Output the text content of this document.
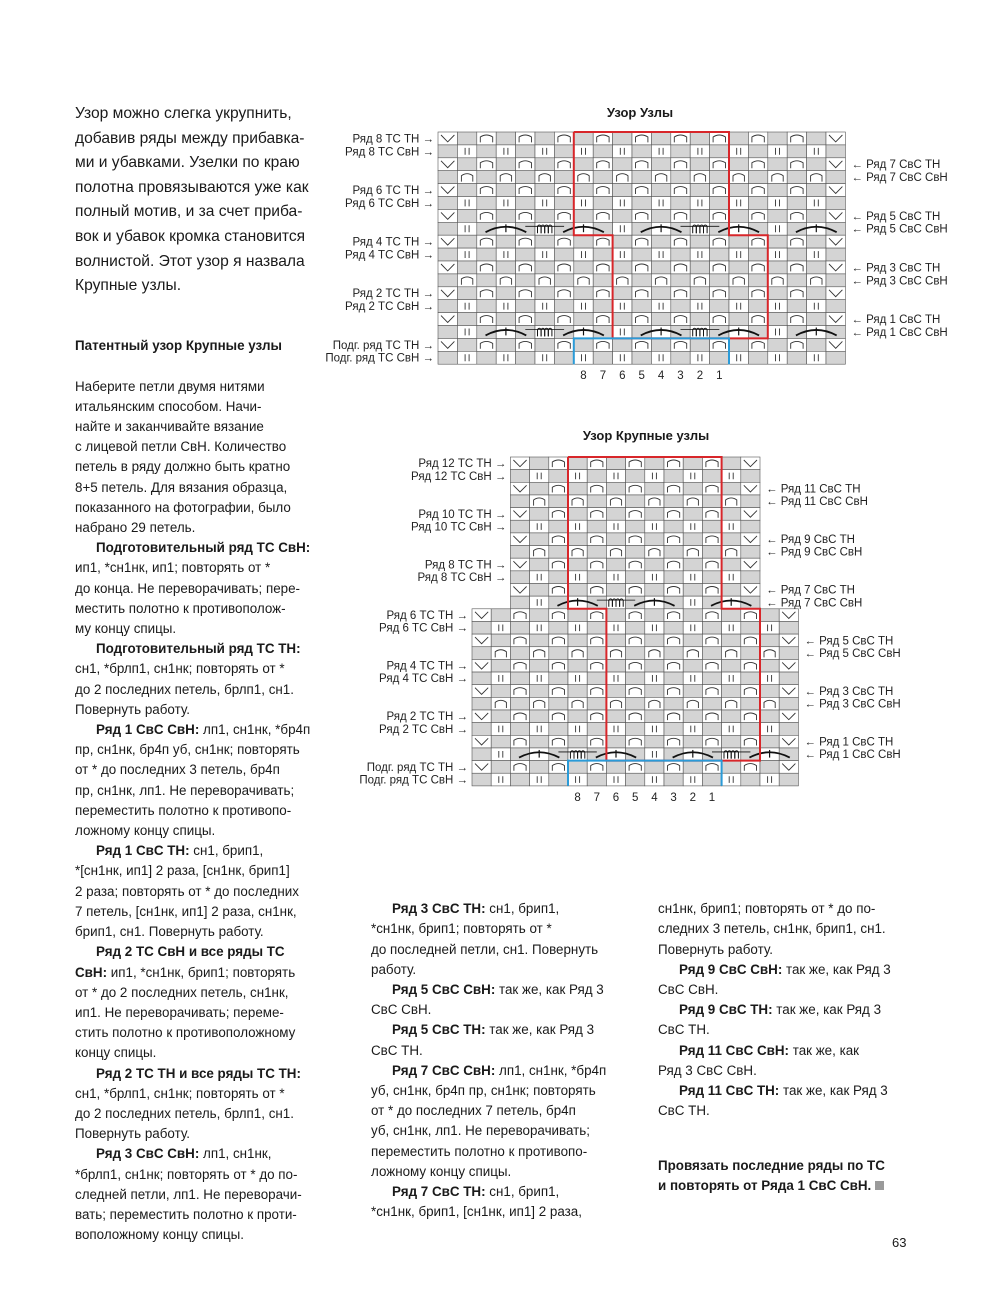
Узор можно слегка укрупнить,
добавив ряды между прибавка-
ми и убавками. Узелки по краю
полотна провязываются уже как
полный мотив, и за счет приба-
вок и убавок кромка становится
волнистой. Этот узор я назвала
Крупные узлы.

Патентный узор Крупные узлы

Наберите петли двумя нитями
итальянским способом. Начи-
найте и заканчивайте вязание
с лицевой петли СвН. Количество
петель в ряду должно быть кратно
8+5 петель. Для вязания образца,
показанного на фотографии, было
набрано 29 петель.
Подготовительный ряд ТС СвН:
ип1, *сн1нк, ип1; повторять от *
до конца. Не переворачивать; пере-
местить полотно к противополож-
му концу спицы.
Подготовительный ряд ТС ТН:
сн1, *брлп1, сн1нк; повторять от *
до 2 последних петель, брлп1, сн1.
Повернуть работу.
Ряд 1 СвС СвН: лп1, сн1нк, *бр4п
пр, сн1нк, бр4п уб, сн1нк; повторять
от * до последних 3 петель, бр4п
пр, сн1нк, лп1. Не переворачивать;
переместить полотно к противопо-
ложному концу спицы.
Ряд 1 СвС ТН: сн1, брип1,
*[сн1нк, ип1] 2 раза, [сн1нк, брип1]
2 раза; повторять от * до последних
7 петель, [сн1нк, ип1] 2 раза, сн1нк,
брип1, сн1. Повернуть работу.
Ряд 2 ТС СвН и все ряды ТС
СвН: ип1, *сн1нк, брип1; повторять
от * до 2 последних петель, сн1нк,
ип1. Не переворачивать; переме-
стить полотно к противоположному
концу спицы.
Ряд 2 ТС ТН и все ряды ТС ТН:
сн1, *брлп1, сн1нк; повторять от *
до 2 последних петель, брлп1, сн1.
Повернуть работу.
Ряд 3 СвС СвН: лп1, сн1нк,
*брлп1, сн1нк; повторять от * до по-
следней петли, лп1. Не переворачи-
вать; переместить полотно к проти-
воположному концу спицы.

Ряд 3 СвС ТН: сн1, брип1,
*сн1нк, брип1; повторять от *
до последней петли, сн1. Повернуть
работу.
Ряд 5 СвС СвН: так же, как Ряд 3
СвС СвН.
Ряд 5 СвС ТН: так же, как Ряд 3
СвС ТН.
Ряд 7 СвС СвН: лп1, сн1нк, *бр4п
уб, сн1нк, бр4п пр, сн1нк; повторять
от * до последних 7 петель, бр4п
уб, сн1нк, лп1. Не переворачивать;
переместить полотно к противопо-
ложному концу спицы.
Ряд 7 СвС ТН: сн1, брип1,
*сн1нк, брип1, [сн1нк, ип1] 2 раза,

сн1нк, брип1; повторять от * до по-
следних 3 петель, сн1нк, брип1, сн1.
Повернуть работу.
Ряд 9 СвС СвН: так же, как Ряд 3
СвС СвН.
Ряд 9 СвС ТН: так же, как Ряд 3
СвС ТН.
Ряд 11 СвС СвН: так же, как
Ряд 3 СвС СвН.
Ряд 11 СвС ТН: так же, как Ряд 3
СвС ТН.

Провязать последние ряды по ТС
и повторять от Ряда 1 СвС СвН.

Узор Узлы
Ряд 8 ТС ТН →
Ряд 8 ТС СвН →
Ряд 6 ТС ТН →
Ряд 6 ТС СвН →
Ряд 4 ТС ТН →
Ряд 4 ТС СвН →
Ряд 2 ТС ТН →
Ряд 2 ТС СвН →
Подг. ряд ТС ТН →
Подг. ряд ТС СвН →
← Ряд 7 СвС ТН
← Ряд 7 СвС СвН
← Ряд 5 СвС ТН
← Ряд 5 СвС СвН
← Ряд 3 СвС ТН
← Ряд 3 СвС СвН
← Ряд 1 СвС ТН
← Ряд 1 СвС СвН
8 7 6 5 4 3 2 1
Узор Крупные узлы
Ряд 12 ТС ТН →
Ряд 12 ТС СвН →
Ряд 10 ТС ТН →
Ряд 10 ТС СвН →
Ряд 8 ТС ТН →
Ряд 8 ТС СвН →
Ряд 6 ТС ТН →
Ряд 6 ТС СвН →
Ряд 4 ТС ТН →
Ряд 4 ТС СвН →
Ряд 2 ТС ТН →
Ряд 2 ТС СвН →
Подг. ряд ТС ТН →
Подг. ряд ТС СвН →
← Ряд 11 СвС ТН
← Ряд 11 СвС СвН
← Ряд 9 СвС ТН
← Ряд 9 СвС СвН
← Ряд 7 СвС ТН
← Ряд 7 СвС СвН
← Ряд 5 СвС ТН
← Ряд 5 СвС СвН
← Ряд 3 СвС ТН
← Ряд 3 СвС СвН
← Ряд 1 СвС ТН
← Ряд 1 СвС СвН
8 7 6 5 4 3 2 1
63
